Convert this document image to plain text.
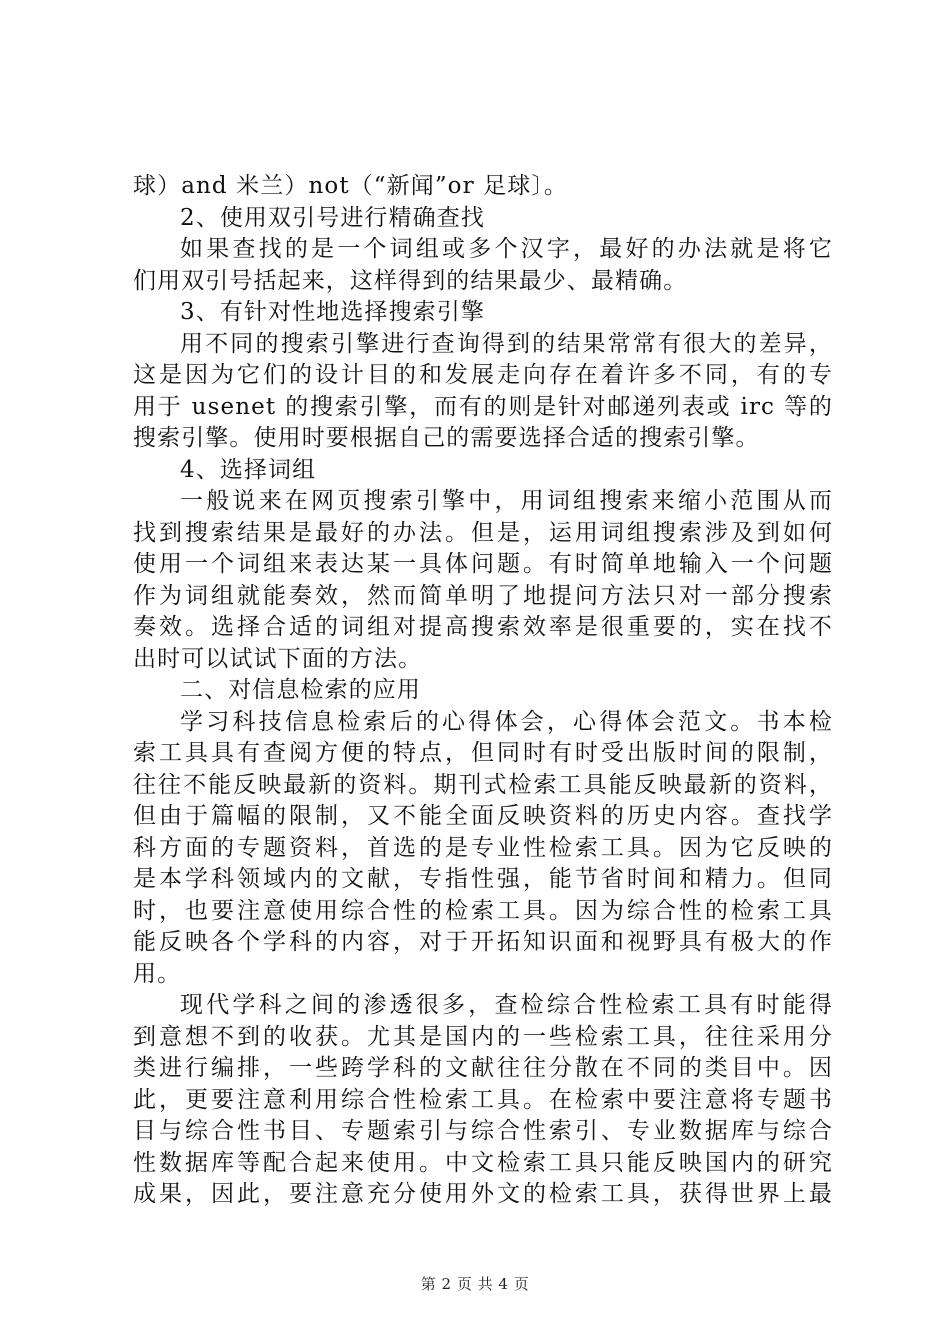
球）and 米兰）not（“新闻”or 足球〕。
2、使用双引号进行精确查找
如果查找的是一个词组或多个汉字，最好的办法就是将它
们用双引号括起来，这样得到的结果最少、最精确。
3、有针对性地选择搜索引擎
用不同的搜索引擎进行查询得到的结果常常有很大的差异，
这是因为它们的设计目的和发展走向存在着许多不同，有的专
用于 usenet 的搜索引擎，而有的则是针对邮递列表或 irc 等的
搜索引擎。使用时要根据自己的需要选择合适的搜索引擎。
4、选择词组
一般说来在网页搜索引擎中，用词组搜索来缩小范围从而
找到搜索结果是最好的办法。但是，运用词组搜索涉及到如何
使用一个词组来表达某一具体问题。有时简单地输入一个问题
作为词组就能奏效，然而简单明了地提问方法只对一部分搜索
奏效。选择合适的词组对提高搜索效率是很重要的，实在找不
出时可以试试下面的方法。
二、对信息检索的应用
学习科技信息检索后的心得体会，心得体会范文。书本检
索工具具有查阅方便的特点，但同时有时受出版时间的限制，
往往不能反映最新的资料。期刊式检索工具能反映最新的资料，
但由于篇幅的限制，又不能全面反映资料的历史内容。查找学
科方面的专题资料，首选的是专业性检索工具。因为它反映的
是本学科领域内的文献，专指性强，能节省时间和精力。但同
时，也要注意使用综合性的检索工具。因为综合性的检索工具
能反映各个学科的内容，对于开拓知识面和视野具有极大的作
用。
现代学科之间的渗透很多，查检综合性检索工具有时能得
到意想不到的收获。尤其是国内的一些检索工具，往往采用分
类进行编排，一些跨学科的文献往往分散在不同的类目中。因
此，更要注意利用综合性检索工具。在检索中要注意将专题书
目与综合性书目、专题索引与综合性索引、专业数据库与综合
性数据库等配合起来使用。中文检索工具只能反映国内的研究
成果，因此，要注意充分使用外文的检索工具，获得世界上最
第 2 页 共 4 页
